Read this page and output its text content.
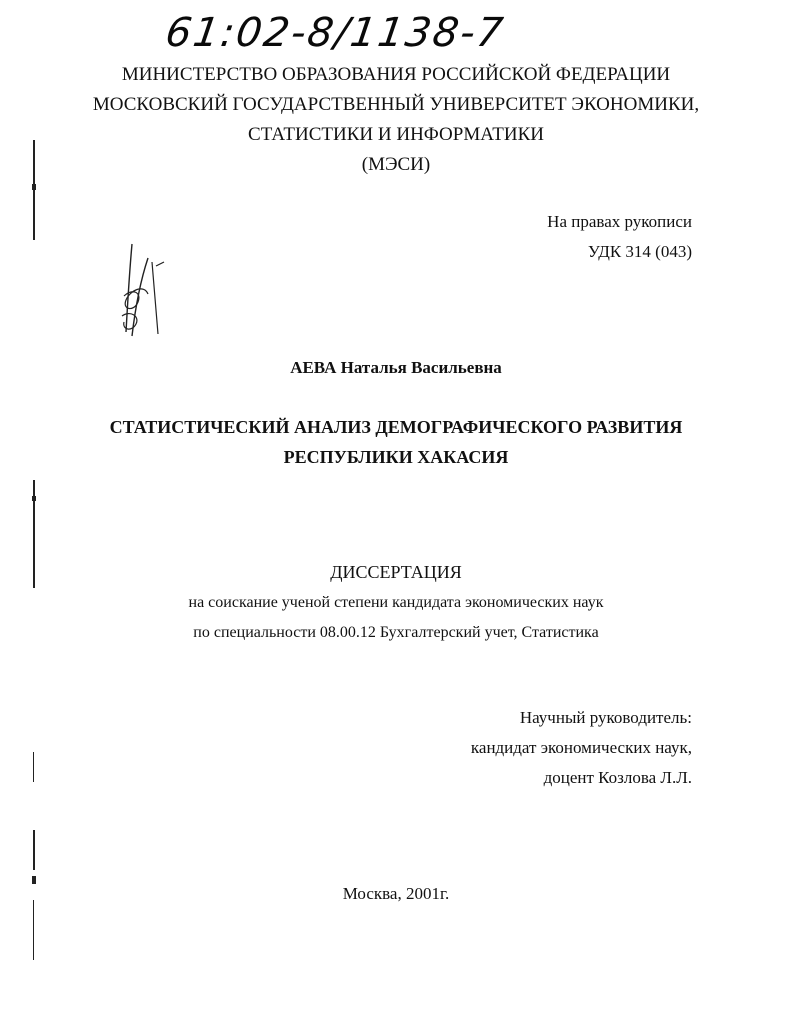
61:02-8/1138-7
МИНИСТЕРСТВО ОБРАЗОВАНИЯ РОССИЙСКОЙ ФЕДЕРАЦИИ
МОСКОВСКИЙ ГОСУДАРСТВЕННЫЙ УНИВЕРСИТЕТ ЭКОНОМИКИ,
СТАТИСТИКИ И ИНФОРМАТИКИ
(МЭСИ)
На правах рукописи
УДК 314 (043)
АЕВА Наталья Васильевна
СТАТИСТИЧЕСКИЙ АНАЛИЗ ДЕМОГРАФИЧЕСКОГО РАЗВИТИЯ
РЕСПУБЛИКИ ХАКАСИЯ
ДИССЕРТАЦИЯ
на соискание ученой степени кандидата экономических наук
по специальности 08.00.12 Бухгалтерский учет, Статистика
Научный руководитель:
кандидат экономических наук,
доцент Козлова Л.Л.
Москва, 2001г.
